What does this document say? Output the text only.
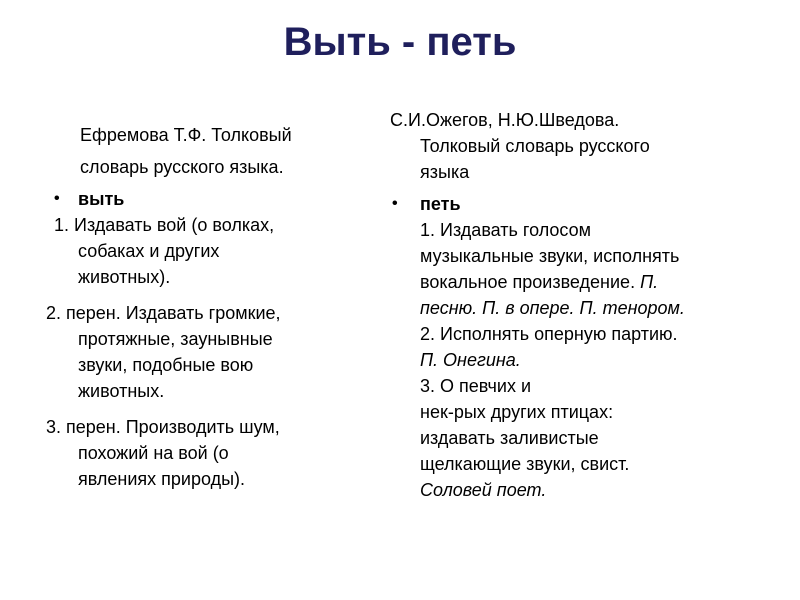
Выть - петь
Ефремова Т.Ф. Толковый
словарь русского языка.
• выть
1. Издавать вой (о волках,
собаках и других
животных).
2. перен. Издавать громкие,
протяжные, заунывные
звуки, подобные вою
животных.
3. перен. Производить шум,
похожий на вой (о
явлениях природы).
С.И.Ожегов, Н.Ю.Шведова.
Толковый словарь русского
языка
• петь
1. Издавать голосом
музыкальные звуки, исполнять
вокальное произведение. П.
песню. П. в опере. П. тенором.
2. Исполнять оперную партию.
П. Онегина.
3. О певчих и
нек-рых других птицах:
издавать заливистые
щелкающие звуки, свист.
Соловей поет.
